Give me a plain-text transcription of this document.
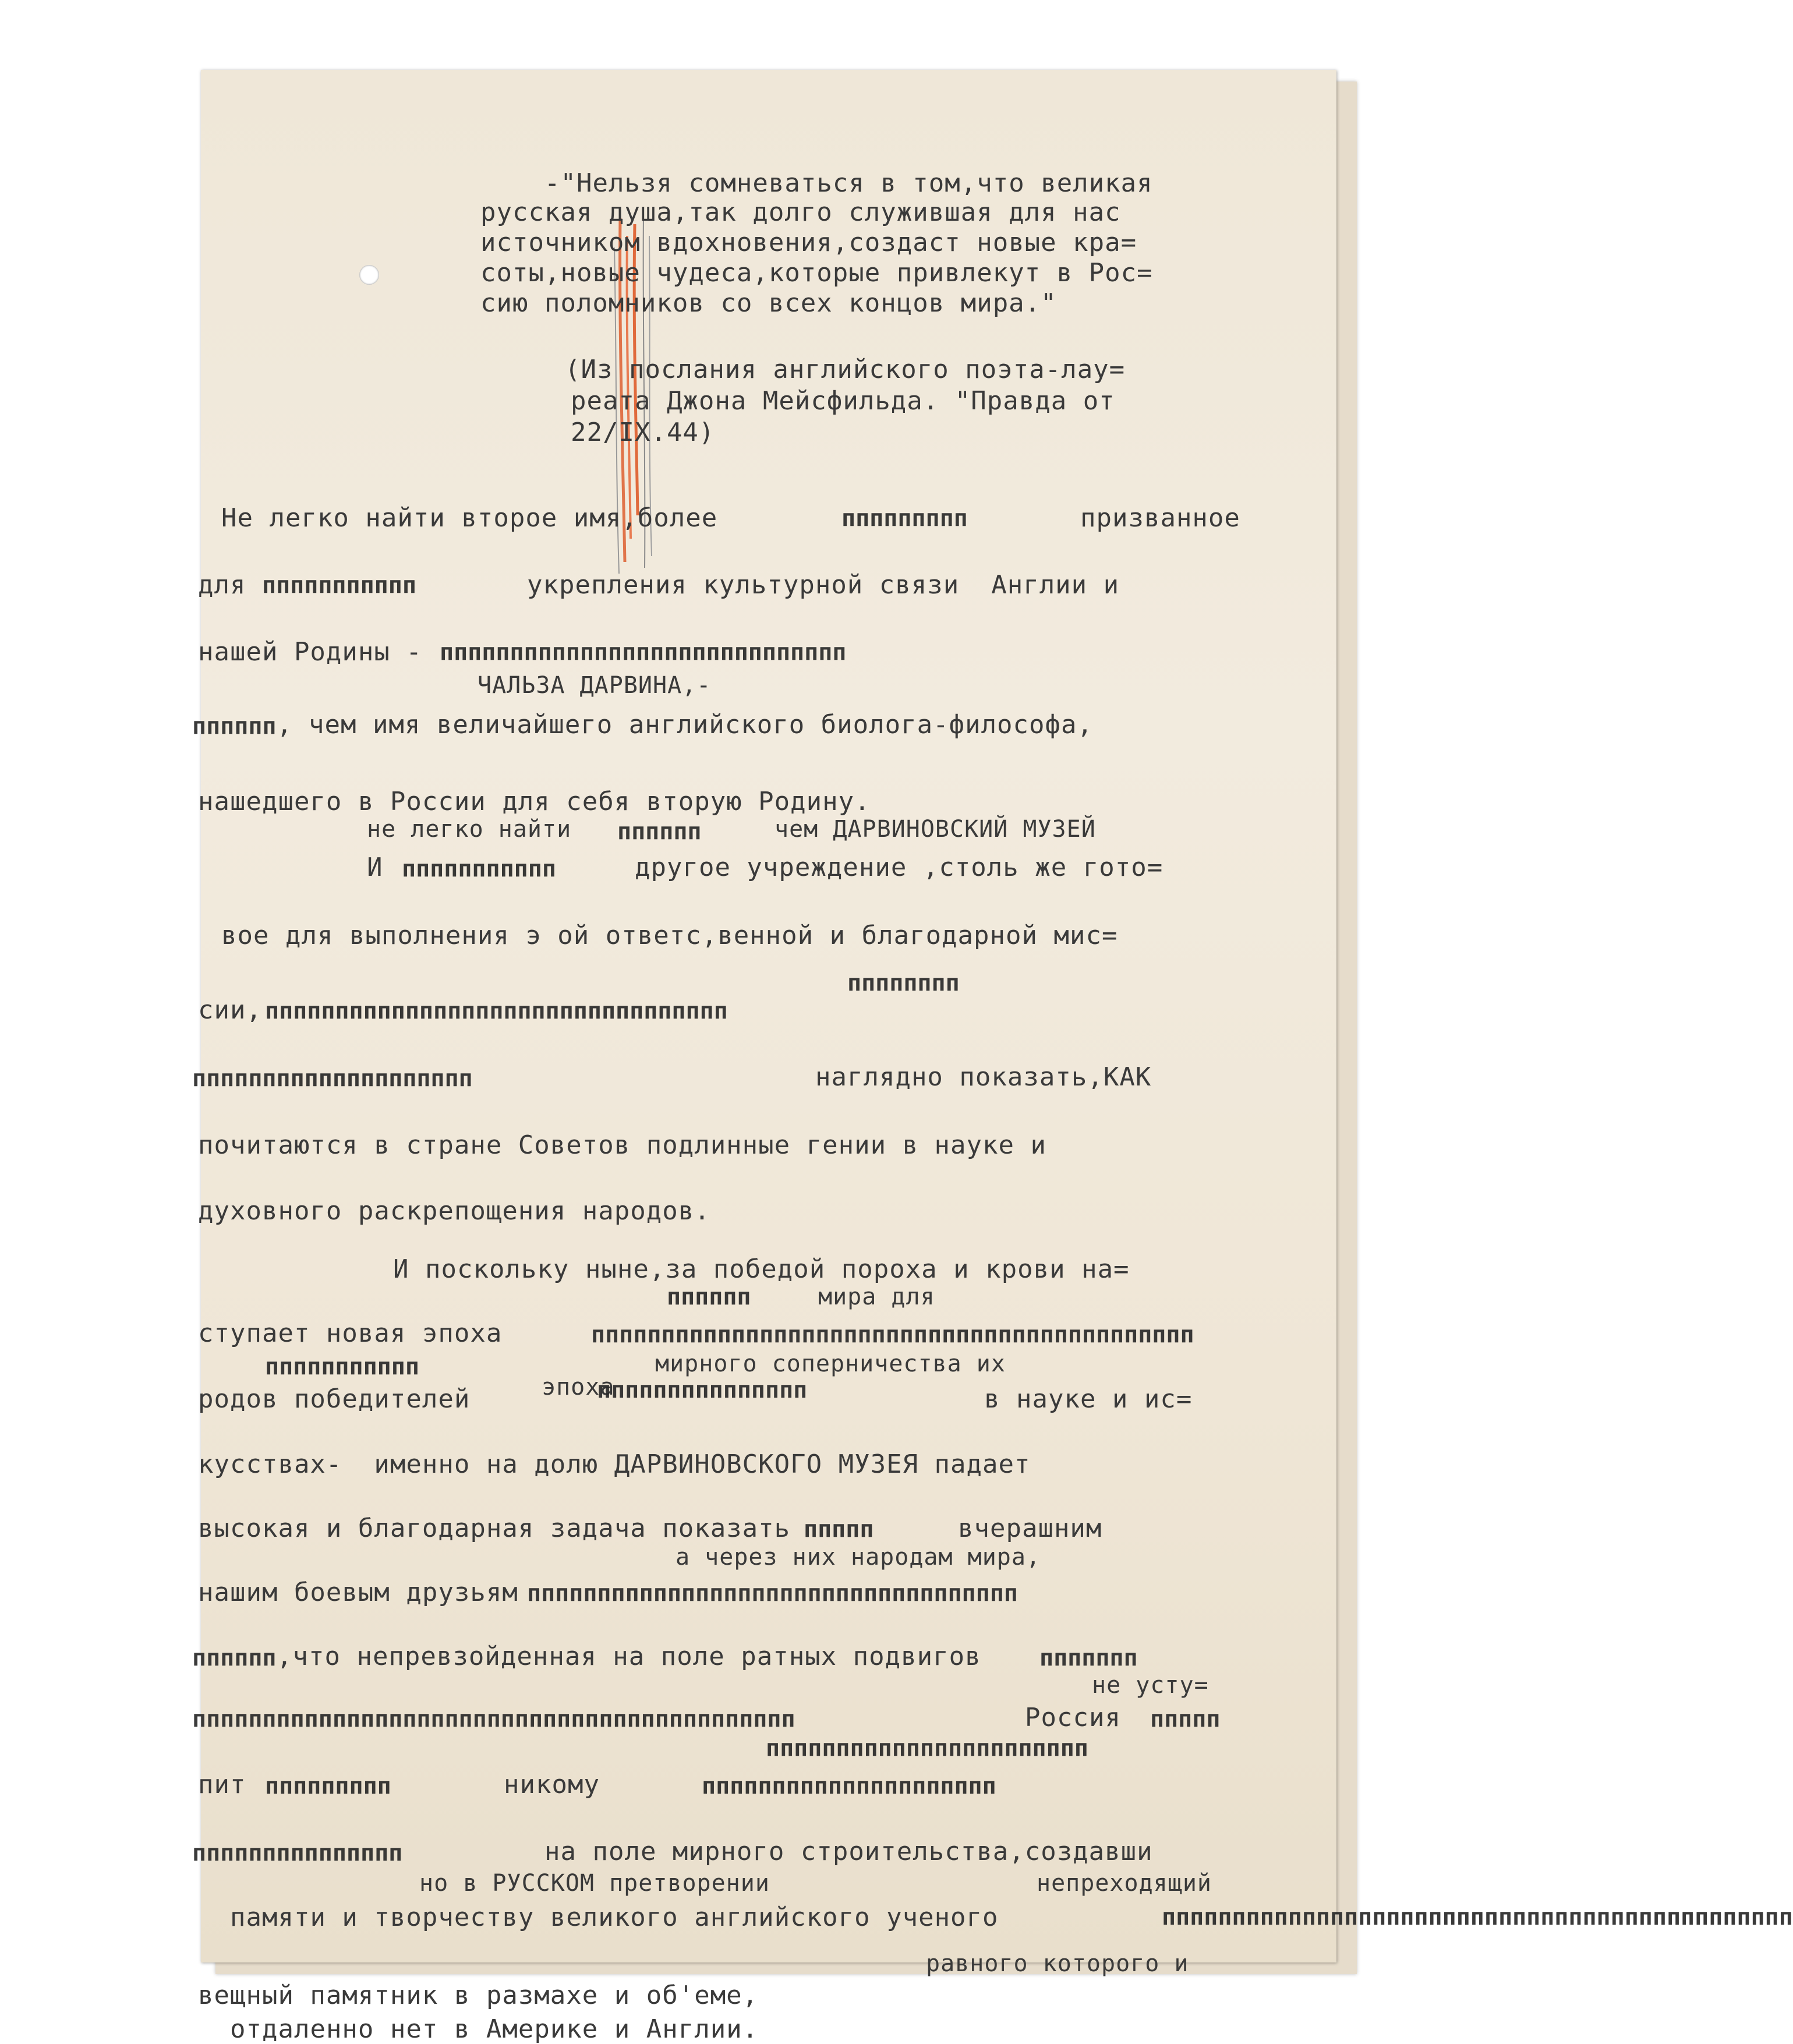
-"Нельзя сомневаться в том,что великая
русская душа,так долго служившая для нас
источником вдохновения,создаст новые кра=
соты,новые чудеса,которые привлекут в Рос=
сию поломников со всех концов мира."
(Из послания английского поэта-лау=
реата Джона Мейсфильда. "Правда от
22/IX.44)
Не легко найти второе имя,более	ппппппппп	призванное
для ппппппппппп	укрепления культурной связи  Англии и
нашей Родины - ппппппппппппппппппппппппппппп
ЧАЛЬЗА ДАРВИНА,-
пппппп , чем имя величайшего английского биолога-философа,
нашедшего в России для себя вторую Родину.
не легко найти пппппп	чем ДАРВИНОВСКИЙ МУЗЕЙ
И ппппппппппп	другое учреждение ,столь же гото=
вое для выполнения э ой ответс,венной и благодарной мис=
сии, ппппппппппппппппппппппппппппппппп
пппппппп
пппппппппппппппппппп	наглядно показать,КАК
почитаются в стране Советов подлинные гении в науке и
духовного раскрепощения народов.
И поскольку ныне,за победой пороха и крови на=
пппппп	мира для
ступает новая эпоха	ппппппппппппппппппппппппппппппппппппппппппп
ппппппппппп	мирного соперничества их
эпоха
родов победителей	ппппппппппппппп	в науке и ис=
кусствах-  именно на долю ДАРВИНОВСКОГО МУЗЕЯ падает
высокая и благодарная задача показать ппппп	вчерашним
а через них народам мира,
нашим боевым друзьям ппппппппппппппппппппппппппппппппппп
пппппп ,что непревзойденная на поле ратных подвигов	ппппппп
не усту=
ппппппппппппппппппппппппппппппппппппппппппп	Россия ппппп
ппппппппппппппппппппппп
пит ппппппппп	никому	ппппппппппппппппппппп
ппппппппппппппп	на поле мирного строительства,создавши
но в РУССКОМ претворении	непреходящий
памяти и творчеству великого английского ученого	ппппппппппппппппппппппппппппппппппппппппппппп
равного которого и
вещный памятник в размахе и об'еме,
отдаленно нет в Америке и Англии.
